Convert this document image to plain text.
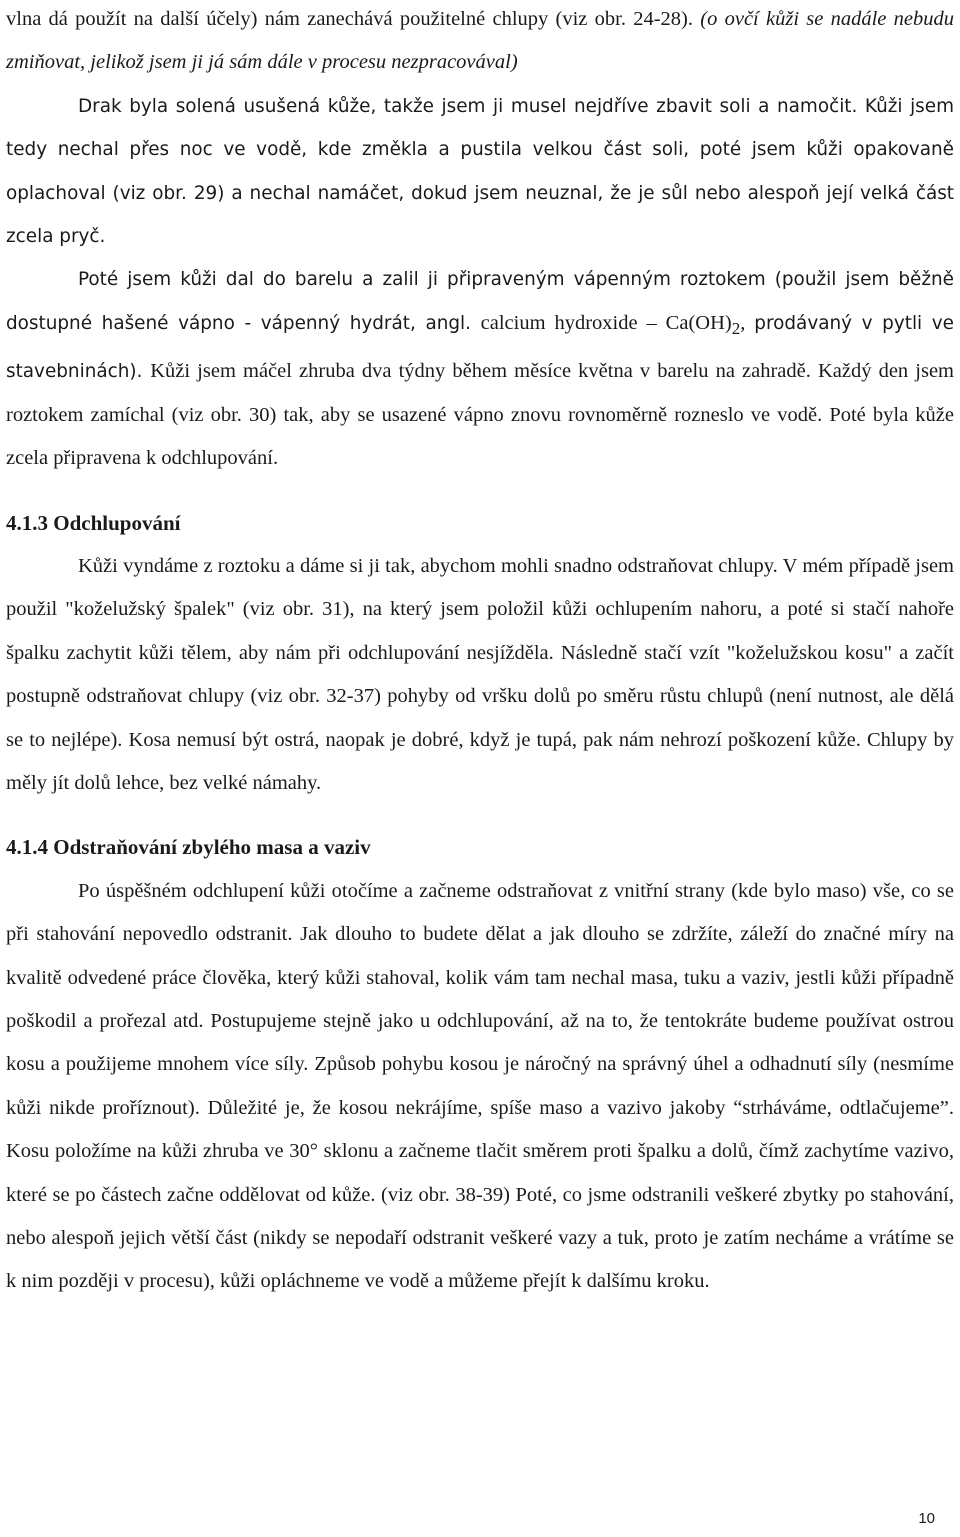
vlna dá použít na další účely) nám zanechává použitelné chlupy (viz obr. 24-28). (o ovčí kůži se nadále nebudu zmiňovat, jelikož jsem ji já sám dále v procesu nezpracovával)

Drak byla solená usušená kůže, takže jsem ji musel nejdříve zbavit soli a namočit. Kůži jsem tedy nechal přes noc ve vodě, kde změkla a pustila velkou část soli, poté jsem kůži opakovaně oplachoval (viz obr. 29) a nechal namáčet, dokud jsem neuznal, že je sůl nebo alespoň její velká část zcela pryč.

Poté jsem kůži dal do barelu a zalil ji připraveným vápenným roztokem (použil jsem běžně dostupné hašené vápno - vápenný hydrát, angl. calcium hydroxide – $Ca(OH)_2$, prodávaný v pytli ve stavebninách). Kůži jsem máčel zhruba dva týdny během měsíce května v barelu na zahradě. Každý den jsem roztokem zamíchal (viz obr. 30) tak, aby se usazené vápno znovu rovnoměrně rozneslo ve vodě. Poté byla kůže zcela připravena k odchlupování.

4.1.3 Odchlupování

Kůži vyndáme z roztoku a dáme si ji tak, abychom mohli snadno odstraňovat chlupy. V mém případě jsem použil "koželužský špalek" (viz obr. 31), na který jsem položil kůži ochlupením nahoru, a poté si stačí nahoře špalku zachytit kůži tělem, aby nám při odchlupování nesjížděla. Následně stačí vzít "koželužskou kosu" a začít postupně odstraňovat chlupy (viz obr. 32-37) pohyby od vršku dolů po směru růstu chlupů (není nutnost, ale dělá se to nejlépe). Kosa nemusí být ostrá, naopak je dobré, když je tupá, pak nám nehrozí poškození kůže. Chlupy by měly jít dolů lehce, bez velké námahy.

4.1.4 Odstraňování zbylého masa a vaziv

Po úspěšném odchlupení kůži otočíme a začneme odstraňovat z vnitřní strany (kde bylo maso) vše, co se při stahování nepovedlo odstranit. Jak dlouho to budete dělat a jak dlouho se zdržíte, záleží do značné míry na kvalitě odvedené práce člověka, který kůži stahoval, kolik vám tam nechal masa, tuku a vaziv, jestli kůži případně poškodil a prořezal atd. Postupujeme stejně jako u odchlupování, až na to, že tentokráte budeme používat ostrou kosu a použijeme mnohem více síly. Způsob pohybu kosou je náročný na správný úhel a odhadnutí síly (nesmíme kůži nikde proříznout). Důležité je, že kosou nekrájíme, spíše maso a vazivo jakoby “strháváme, odtlačujeme”. Kosu položíme na kůži zhruba ve 30° sklonu a začneme tlačit směrem proti špalku a dolů, čímž zachytíme vazivo, které se po částech začne oddělovat od kůže. (viz obr. 38-39) Poté, co jsme odstranili veškeré zbytky po stahování, nebo alespoň jejich větší část (nikdy se nepodaří odstranit veškeré vazy a tuk, proto je zatím necháme a vrátíme se k nim později v procesu), kůži opláchneme ve vodě a můžeme přejít k dalšímu kroku.

10
